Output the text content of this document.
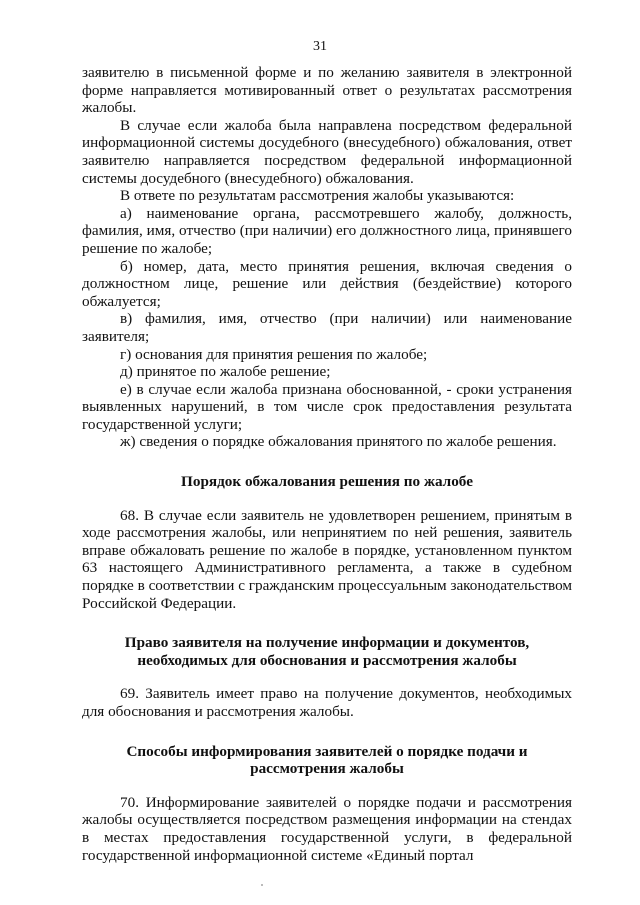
31

заявителю в письменной форме и по желанию заявителя в электронной форме направляется мотивированный ответ о результатах рассмотрения жалобы.

В случае если жалоба была направлена посредством федеральной информационной системы досудебного (внесудебного) обжалования, ответ заявителю направляется посредством федеральной информационной системы досудебного (внесудебного) обжалования.

В ответе по результатам рассмотрения жалобы указываются:

а) наименование органа, рассмотревшего жалобу, должность, фамилия, имя, отчество (при наличии) его должностного лица, принявшего решение по жалобе;

б) номер, дата, место принятия решения, включая сведения о должностном лице, решение или действия (бездействие) которого обжалуется;

в) фамилия, имя, отчество (при наличии) или наименование заявителя;

г) основания для принятия решения по жалобе;

д) принятое по жалобе решение;

е) в случае если жалоба признана обоснованной, - сроки устранения выявленных нарушений, в том числе срок предоставления результата государственной услуги;

ж) сведения о порядке обжалования принятого по жалобе решения.

Порядок обжалования решения по жалобе

68. В случае если заявитель не удовлетворен решением, принятым в ходе рассмотрения жалобы, или непринятием по ней решения, заявитель вправе обжаловать решение по жалобе в порядке, установленном пунктом 63 настоящего Административного регламента, а также в судебном порядке в соответствии с гражданским процессуальным законодательством Российской Федерации.

Право заявителя на получение информации и документов,
необходимых для обоснования и рассмотрения жалобы

69. Заявитель имеет право на получение документов, необходимых для обоснования и рассмотрения жалобы.

Способы информирования заявителей о порядке подачи и
рассмотрения жалобы

70. Информирование заявителей о порядке подачи и рассмотрения жалобы осуществляется посредством размещения информации на стендах в местах предоставления государственной услуги, в федеральной государственной информационной системе «Единый портал
